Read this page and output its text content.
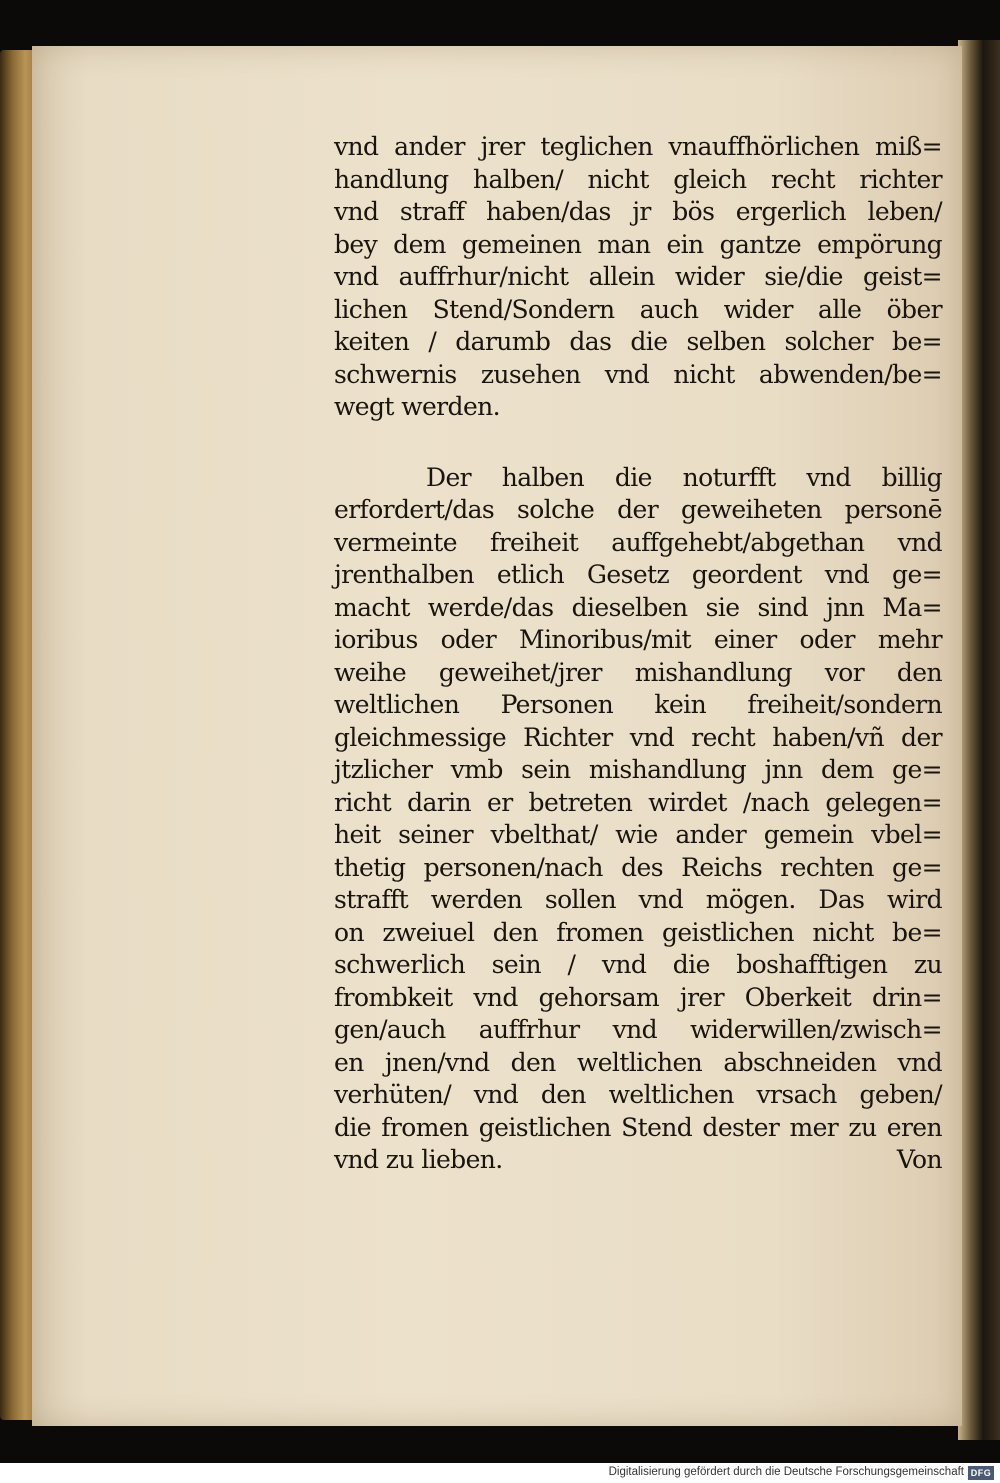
vnd ander jrer teglichen vnauffhörlichen miß=
handlung halben/ nicht gleich recht richter
vnd straff haben/das jr bös ergerlich leben/
bey dem gemeinen man ein gantze empörung
vnd auffrhur/nicht allein wider sie/die geist=
lichen Stend/Sondern auch wider alle öber
keiten / darumb das die selben solcher be=
schwernis zusehen vnd nicht abwenden/be=
wegt werden.
Der halben die noturfft vnd billig
erfordert/das solche der geweiheten personē
vermeinte freiheit auffgehebt/abgethan vnd
jrenthalben etlich Gesetz geordent vnd ge=
macht werde/das dieselben sie sind jnn Ma=
ioribus oder Minoribus/mit einer oder mehr
weihe geweihet/jrer mishandlung vor den
weltlichen Personen kein freiheit/sondern
gleichmessige Richter vnd recht haben/vñ der
jtzlicher vmb sein mishandlung jnn dem ge=
richt darin er betreten wirdet /nach gelegen=
heit seiner vbelthat/ wie ander gemein vbel=
thetig personen/nach des Reichs rechten ge=
strafft werden sollen vnd mögen. Das wird
on zweiuel den fromen geistlichen nicht be=
schwerlich sein / vnd die boshafftigen zu
frombkeit vnd gehorsam jrer Oberkeit drin=
gen/auch auffrhur vnd widerwillen/zwisch=
en jnen/vnd den weltlichen abschneiden vnd
verhüten/ vnd den weltlichen vrsach geben/
die fromen geistlichen Stend dester mer zu eren
vnd zu lieben.	Von
Digitalisierung gefördert durch die Deutsche Forschungsgemeinschaft DFG
